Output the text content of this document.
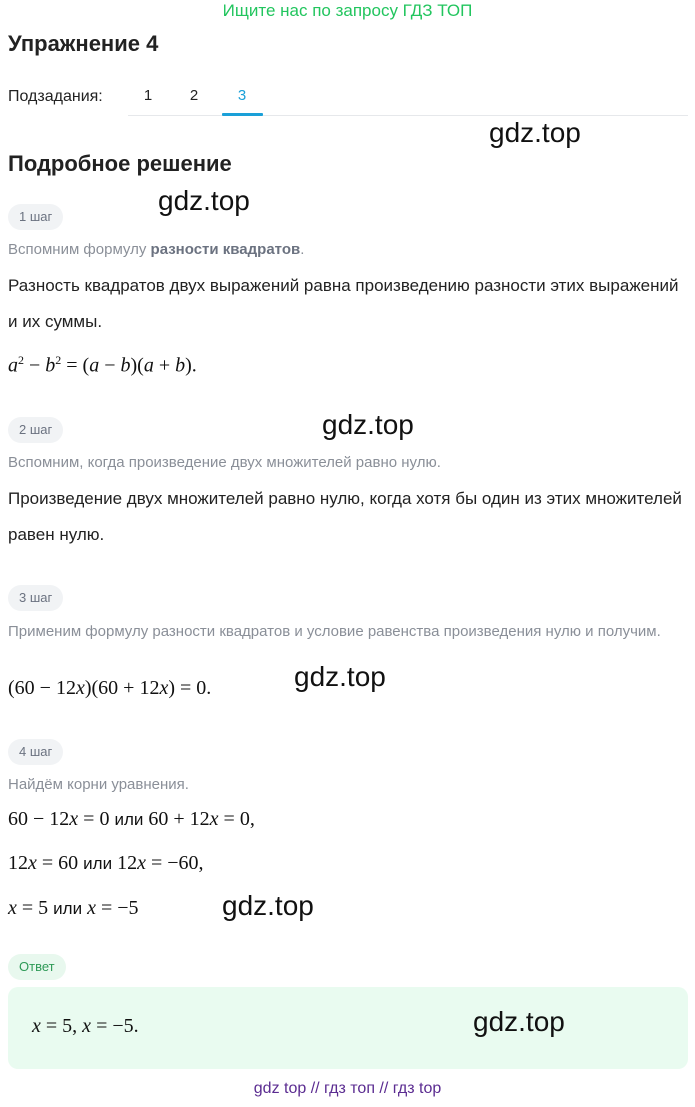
Ищите нас по запросу ГДЗ ТОП
Упражнение 4
Подзадания:	1	2	3
gdz.top
Подробное решение
gdz.top
1 шаг
Вспомним формулу разности квадратов.
Разность квадратов двух выражений равна произведению разности этих выражений и их суммы.
$a^2 - b^2 = (a - b)(a + b)$.
gdz.top
2 шаг
Вспомним, когда произведение двух множителей равно нулю.
Произведение двух множителей равно нулю, когда хотя бы один из этих множителей равен нулю.
3 шаг
Применим формулу разности квадратов и условие равенства произведения нулю и получим.
(60 − 12x)(60 + 12x) = 0.	gdz.top
4 шаг
Найдём корни уравнения.
60 − 12x = 0 или 60 + 12x = 0,
12x = 60 или 12x = −60,
x = 5 или x = −5	gdz.top
Ответ
x = 5, x = −5.	gdz.top
gdz top // гдз топ // гдз top
